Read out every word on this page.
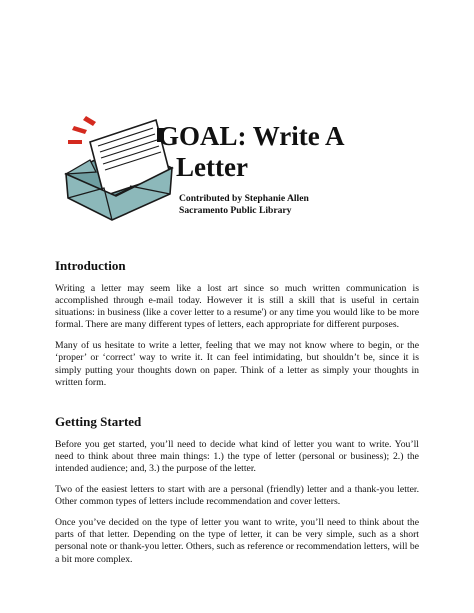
GOAL: Write A
Letter
Contributed by Stephanie Allen
Sacramento Public Library
Introduction

Writing a letter may seem like a lost art since so much written communication is accomplished through e-mail today. However it is still a skill that is useful in certain situations: in business (like a cover letter to a resume') or any time you would like to be more formal. There are many different types of letters, each appropriate for different purposes.

Many of us hesitate to write a letter, feeling that we may not know where to begin, or the ‘proper’ or ‘correct’ way to write it. It can feel intimidating, but shouldn’t be, since it is simply putting your thoughts down on paper. Think of a letter as simply your thoughts in written form.

Getting Started

Before you get started, you’ll need to decide what kind of letter you want to write. You’ll need to think about three main things: 1.) the type of letter (personal or business); 2.) the intended audience; and, 3.) the purpose of the letter.

Two of the easiest letters to start with are a personal (friendly) letter and a thank-you letter. Other common types of letters include recommendation and cover letters.

Once you’ve decided on the type of letter you want to write, you’ll need to think about the parts of that letter. Depending on the type of letter, it can be very simple, such as a short personal note or thank-you letter. Others, such as reference or recommendation letters, will be a bit more complex.
